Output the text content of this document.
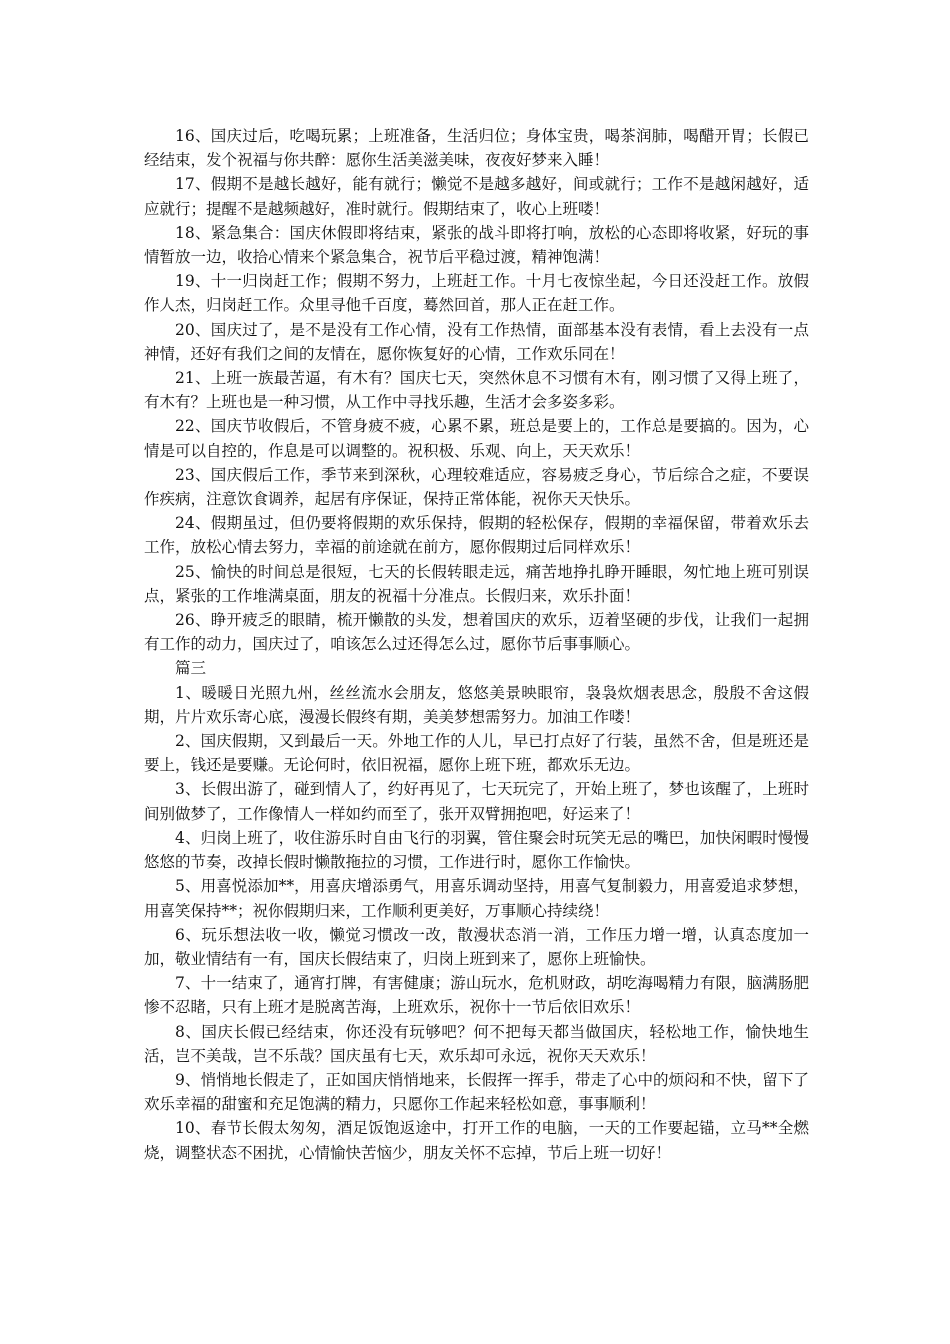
16、国庆过后，吃喝玩累；上班准备，生活归位；身体宝贵，喝茶润肺，喝醋开胃；长假已经结束，发个祝福与你共醉：愿你生活美滋美味，夜夜好梦来入睡！

17、假期不是越长越好，能有就行；懒觉不是越多越好，间或就行；工作不是越闲越好，适应就行；提醒不是越频越好，准时就行。假期结束了，收心上班喽！

18、紧急集合：国庆休假即将结束，紧张的战斗即将打响，放松的心态即将收紧，好玩的事情暂放一边，收拾心情来个紧急集合，祝节后平稳过渡，精神饱满！

19、十一归岗赶工作；假期不努力，上班赶工作。十月七夜惊坐起，今日还没赶工作。放假作人杰，归岗赶工作。众里寻他千百度，蓦然回首，那人正在赶工作。

20、国庆过了，是不是没有工作心情，没有工作热情，面部基本没有表情，看上去没有一点神情，还好有我们之间的友情在，愿你恢复好的心情，工作欢乐同在！

21、上班一族最苦逼，有木有？国庆七天，突然休息不习惯有木有，刚习惯了又得上班了，有木有？上班也是一种习惯，从工作中寻找乐趣，生活才会多姿多彩。

22、国庆节收假后，不管身疲不疲，心累不累，班总是要上的，工作总是要搞的。因为，心情是可以自控的，作息是可以调整的。祝积极、乐观、向上，天天欢乐！

23、国庆假后工作，季节来到深秋，心理较难适应，容易疲乏身心，节后综合之症，不要误作疾病，注意饮食调养，起居有序保证，保持正常体能，祝你天天快乐。

24、假期虽过，但仍要将假期的欢乐保持，假期的轻松保存，假期的幸福保留，带着欢乐去工作，放松心情去努力，幸福的前途就在前方，愿你假期过后同样欢乐！

25、愉快的时间总是很短，七天的长假转眼走远，痛苦地挣扎睁开睡眼，匆忙地上班可别误点，紧张的工作堆满桌面，朋友的祝福十分准点。长假归来，欢乐扑面！

26、睁开疲乏的眼睛，梳开懒散的头发，想着国庆的欢乐，迈着坚硬的步伐，让我们一起拥有工作的动力，国庆过了，咱该怎么过还得怎么过，愿你节后事事顺心。

篇三

1、暖暖日光照九州，丝丝流水会朋友，悠悠美景映眼帘，袅袅炊烟表思念，殷殷不舍这假期，片片欢乐寄心底，漫漫长假终有期，美美梦想需努力。加油工作喽！

2、国庆假期，又到最后一天。外地工作的人儿，早已打点好了行装，虽然不舍，但是班还是要上，钱还是要赚。无论何时，依旧祝福，愿你上班下班，都欢乐无边。

3、长假出游了，碰到情人了，约好再见了，七天玩完了，开始上班了，梦也该醒了，上班时间别做梦了，工作像情人一样如约而至了，张开双臂拥抱吧，好运来了！

4、归岗上班了，收住游乐时自由飞行的羽翼，管住聚会时玩笑无忌的嘴巴，加快闲暇时慢慢悠悠的节奏，改掉长假时懒散拖拉的习惯，工作进行时，愿你工作愉快。

5、用喜悦添加**，用喜庆增添勇气，用喜乐调动坚持，用喜气复制毅力，用喜爱追求梦想，用喜笑保持**；祝你假期归来，工作顺利更美好，万事顺心持续绕！

6、玩乐想法收一收，懒觉习惯改一改，散漫状态消一消，工作压力增一增，认真态度加一加，敬业情结有一有，国庆长假结束了，归岗上班到来了，愿你上班愉快。

7、十一结束了，通宵打牌，有害健康；游山玩水，危机财政，胡吃海喝精力有限，脑满肠肥惨不忍睹，只有上班才是脱离苦海，上班欢乐，祝你十一节后依旧欢乐！

8、国庆长假已经结束，你还没有玩够吧？何不把每天都当做国庆，轻松地工作，愉快地生活，岂不美哉，岂不乐哉？国庆虽有七天，欢乐却可永远，祝你天天欢乐！

9、悄悄地长假走了，正如国庆悄悄地来，长假挥一挥手，带走了心中的烦闷和不快，留下了欢乐幸福的甜蜜和充足饱满的精力，只愿你工作起来轻松如意，事事顺利！

10、春节长假太匆匆，酒足饭饱返途中，打开工作的电脑，一天的工作要起锚，立马**全燃烧，调整状态不困扰，心情愉快苦恼少，朋友关怀不忘掉，节后上班一切好！
